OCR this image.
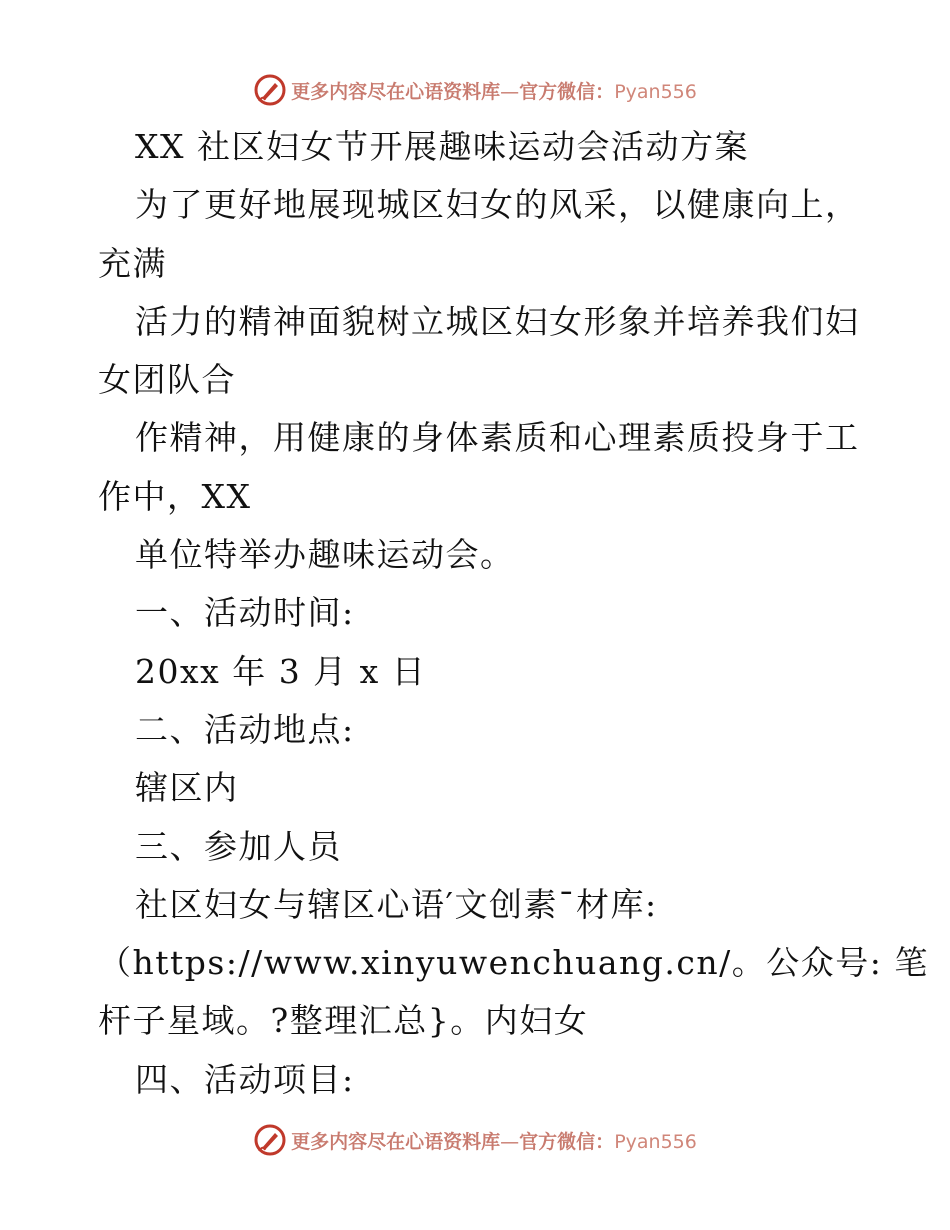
更多内容尽在心语资料库—官方微信：Pyan556
XX 社区妇女节开展趣味运动会活动方案
为了更好地展现城区妇女的风采，以健康向上，
充满
活力的精神面貌树立城区妇女形象并培养我们妇
女团队合
作精神，用健康的身体素质和心理素质投身于工
作中，XX
单位特举办趣味运动会。
一、活动时间:
20xx 年 3 月 x 日
二、活动地点:
辖区内
三、参加人员
社区妇女与辖区心语′文创素¯材库:
（https://www.xinyuwenchuang.cn/。公众号: 笔
杆子星域。?整理汇总}。内妇女
四、活动项目:
更多内容尽在心语资料库—官方微信：Pyan556
